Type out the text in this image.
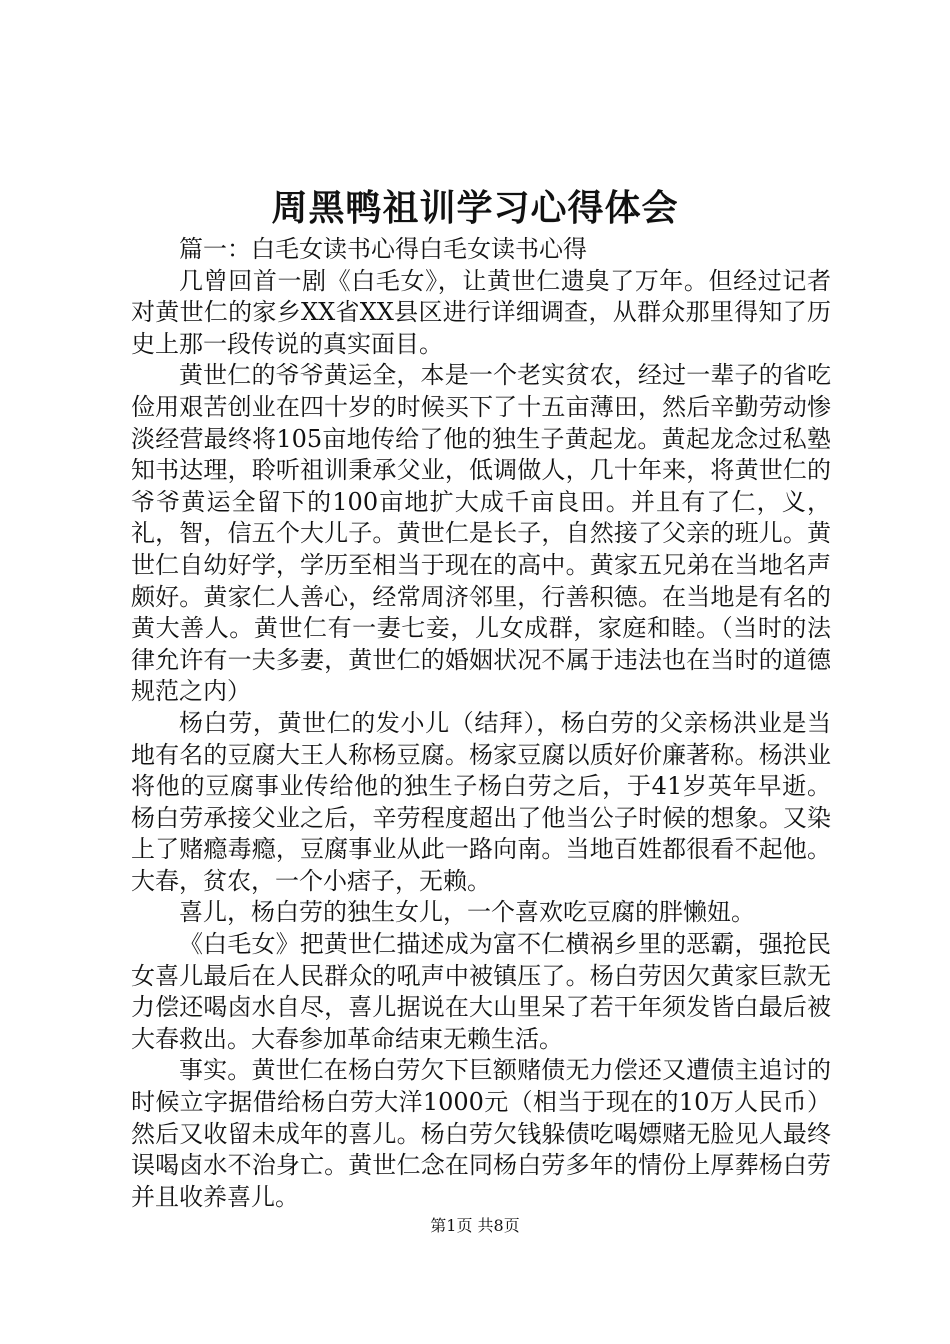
周黑鸭祖训学习心得体会

篇一：白毛女读书心得白毛女读书心得

几曾回首一剧《白毛女》，让黄世仁遗臭了万年。但经过记者对黄世仁的家乡XX省XX县区进行详细调查，从群众那里得知了历史上那一段传说的真实面目。

黄世仁的爷爷黄运全，本是一个老实贫农，经过一辈子的省吃俭用艰苦创业在四十岁的时候买下了十五亩薄田，然后辛勤劳动惨淡经营最终将105亩地传给了他的独生子黄起龙。黄起龙念过私塾知书达理，聆听祖训秉承父业，低调做人，几十年来，将黄世仁的爷爷黄运全留下的100亩地扩大成千亩良田。并且有了仁，义，礼，智，信五个大儿子。黄世仁是长子，自然接了父亲的班儿。黄世仁自幼好学，学历至相当于现在的高中。黄家五兄弟在当地名声颇好。黄家仁人善心，经常周济邻里，行善积德。在当地是有名的黄大善人。黄世仁有一妻七妾，儿女成群，家庭和睦。（当时的法律允许有一夫多妻，黄世仁的婚姻状况不属于违法也在当时的道德规范之内）

杨白劳，黄世仁的发小儿（结拜），杨白劳的父亲杨洪业是当地有名的豆腐大王人称杨豆腐。杨家豆腐以质好价廉著称。杨洪业将他的豆腐事业传给他的独生子杨白劳之后，于41岁英年早逝。杨白劳承接父业之后，辛劳程度超出了他当公子时候的想象。又染上了赌瘾毒瘾，豆腐事业从此一路向南。当地百姓都很看不起他。大春，贫农，一个小痞子，无赖。

喜儿，杨白劳的独生女儿，一个喜欢吃豆腐的胖懒妞。

《白毛女》把黄世仁描述成为富不仁横祸乡里的恶霸，强抢民女喜儿最后在人民群众的吼声中被镇压了。杨白劳因欠黄家巨款无力偿还喝卤水自尽，喜儿据说在大山里呆了若干年须发皆白最后被大春救出。大春参加革命结束无赖生活。

事实。黄世仁在杨白劳欠下巨额赌债无力偿还又遭债主追讨的时候立字据借给杨白劳大洋1000元（相当于现在的10万人民币）然后又收留未成年的喜儿。杨白劳欠钱躲债吃喝嫖赌无脸见人最终误喝卤水不治身亡。黄世仁念在同杨白劳多年的情份上厚葬杨白劳并且收养喜儿。

第1页 共8页
